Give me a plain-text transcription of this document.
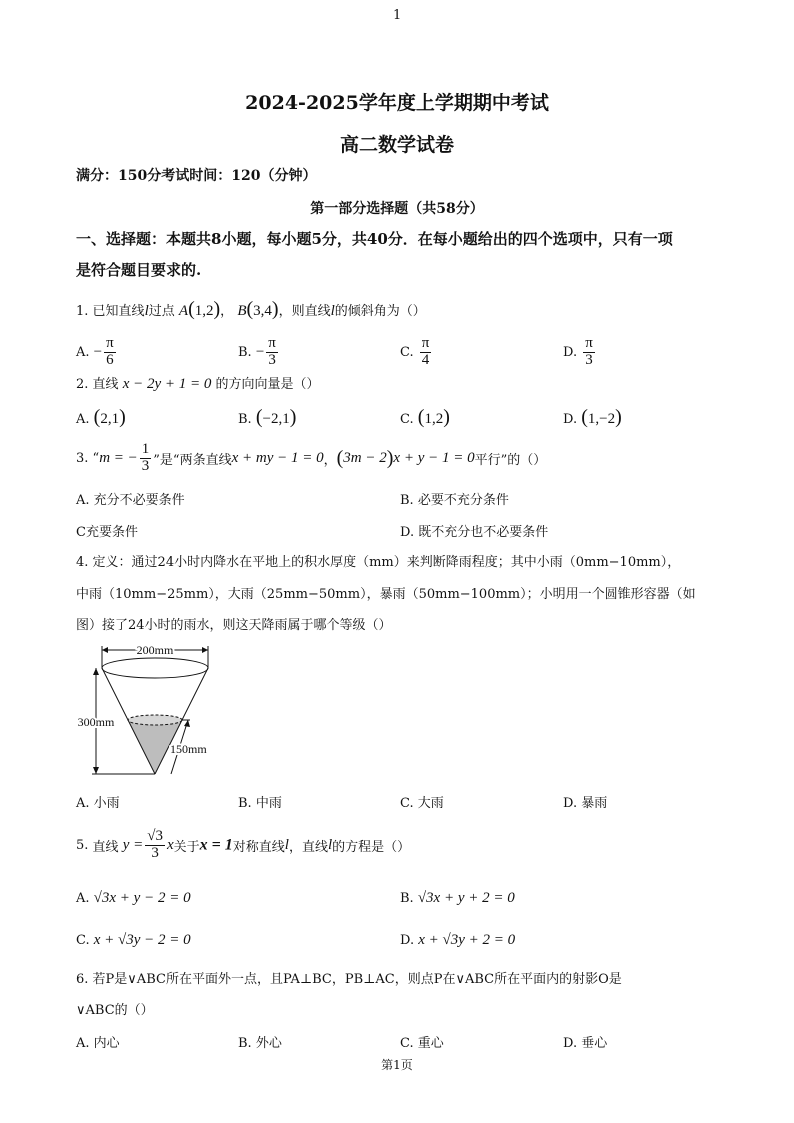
1
2024-2025学年度上学期期中考试
高二数学试卷
满分：150分考试时间：120（分钟）
第一部分选择题（共58分）
一、选择题：本题共8小题，每小题5分，共40分．在每小题给出的四个选项中，只有一项
是符合题目要求的.
1. 已知直线l过点 A(1,2)， B(3,4)，则直线l的倾斜角为（）
A. − $\frac{\pi}{6}$	B. − $\frac{\pi}{3}$	C. $\frac{\pi}{4}$	D. $\frac{\pi}{3}$
2. 直线 x − 2y + 1 = 0 的方向向量是（）
A. (2,1)	B. (−2,1)	C. (1,2)	D. (1,−2)
3. “m = − $\frac{1}{3}$ ”是“两条直线x + my − 1 = 0，(3m − 2)x + y − 1 = 0平行”的（）
A. 充分不必要条件	B. 必要不充分条件
C充要条件	D. 既不充分也不必要条件
4. 定义：通过24小时内降水在平地上的积水厚度（mm）来判断降雨程度；其中小雨（0mm−10mm），
中雨（10mm−25mm），大雨（25mm−50mm），暴雨（50mm−100mm）；小明用一个圆锥形容器（如
图）接了24小时的雨水，则这天降雨属于哪个等级（）
200mm
300mm
150mm
A. 小雨	B. 中雨	C. 大雨	D. 暴雨
5. 直线 $y = \frac{√3}{3}$ x关于x = 1对称直线l，直线l的方程是（）
A. √3x + y − 2 = 0	B. √3x + y + 2 = 0
C. x + √3y − 2 = 0	D. x + √3y + 2 = 0
6. 若P是∨ABC所在平面外一点，且PA⊥BC，PB⊥AC，则点P在∨ABC所在平面内的射影O是
∨ABC的（）
A. 内心	B. 外心	C. 重心	D. 垂心
第1页
